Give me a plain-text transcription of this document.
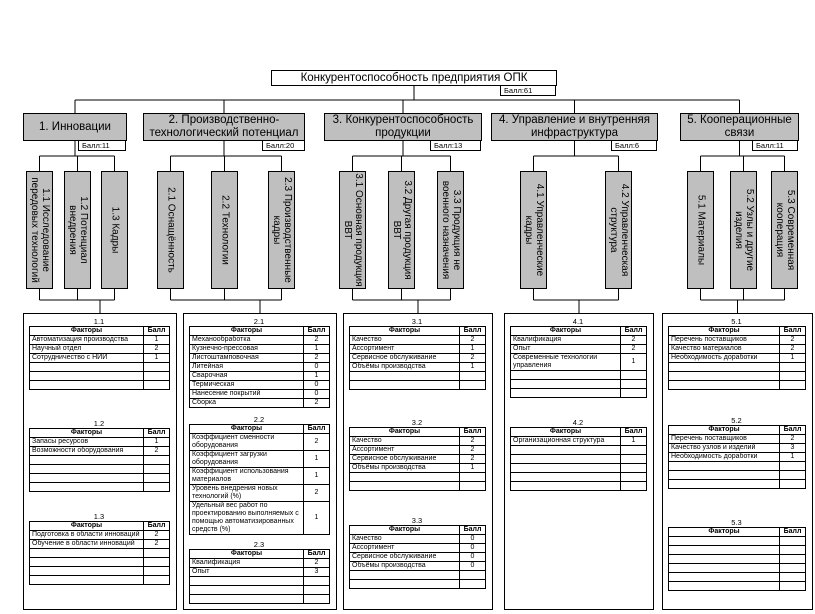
Конкурентоспособность предприятия ОПК
Балл:61
1. Инновации
Балл:11
2. Производственно-технологический потенциал
Балл:20
3. Конкурентоспособность продукции
Балл:13
4. Управление и внутренняя инфраструктура
Балл:6
5. Кооперационные связи
Балл:11
1.1 Исследование передовых технологий	1.2 Потенциал внедрения	1.3 Кадры	2.1 Оснащённость	2.2 Технологии	2.3 Производственные кадры	3.1 Основная продукция ВВТ	3.2 Другая продукция ВВТ	3.3 Продукция не военного назначения	4.1 Управленческие кадры	4.2 Управленческая структура	5.1 Материалы	5.2 Узлы и другие изделия	5.3 Современная кооперация
1.1
Факторы	Балл
Автоматизация производства	1
Научный отдел	2
Сотрудничество с НИИ	1

1.2
Факторы	Балл
Запасы ресурсов	1
Возможности оборудования	2

1.3
Факторы	Балл
Подготовка в области инноваций	2
Обучение в области инноваций	2

2.1
Факторы	Балл
Механообработка	2
Кузнечно-прессовая	1
Листоштамповочная	2
Литейная	0
Сварочная	1
Термическая	0
Нанесение покрытий	0
Сборка	2
2.2
Факторы	Балл
Коэффициент сменности оборудования	2
Коэффициент загрузки оборудования	1
Коэффициент использования материалов	1
Уровень внедрения новых технологий (%)	2
Удельный вес работ по проектированию выполняемых с помощью автоматизированных средств (%)	1
2.3
Факторы	Балл
Квалификация	2
Опыт	3

3.1
Факторы	Балл
Качество	2
Ассортимент	1
Сервисное обслуживание	2
Объёмы производства	1

3.2
Факторы	Балл
Качество	2
Ассортимент	2
Сервисное обслуживание	2
Объёмы производства	1

3.3
Факторы	Балл
Качество	0
Ассортимент	0
Сервисное обслуживание	0
Объёмы производства	0

4.1
Факторы	Балл
Квалификация	2
Опыт	2
Современные технологии управления	1

4.2
Факторы	Балл
Организационная структура	1

5.1
Факторы	Балл
Перечень поставщиков	2
Качество материалов	2
Необходимость доработки	1

5.2
Факторы	Балл
Перечень поставщиков	2
Качество узлов и изделий	3
Необходимость доработки	1

5.3
Факторы	Балл
